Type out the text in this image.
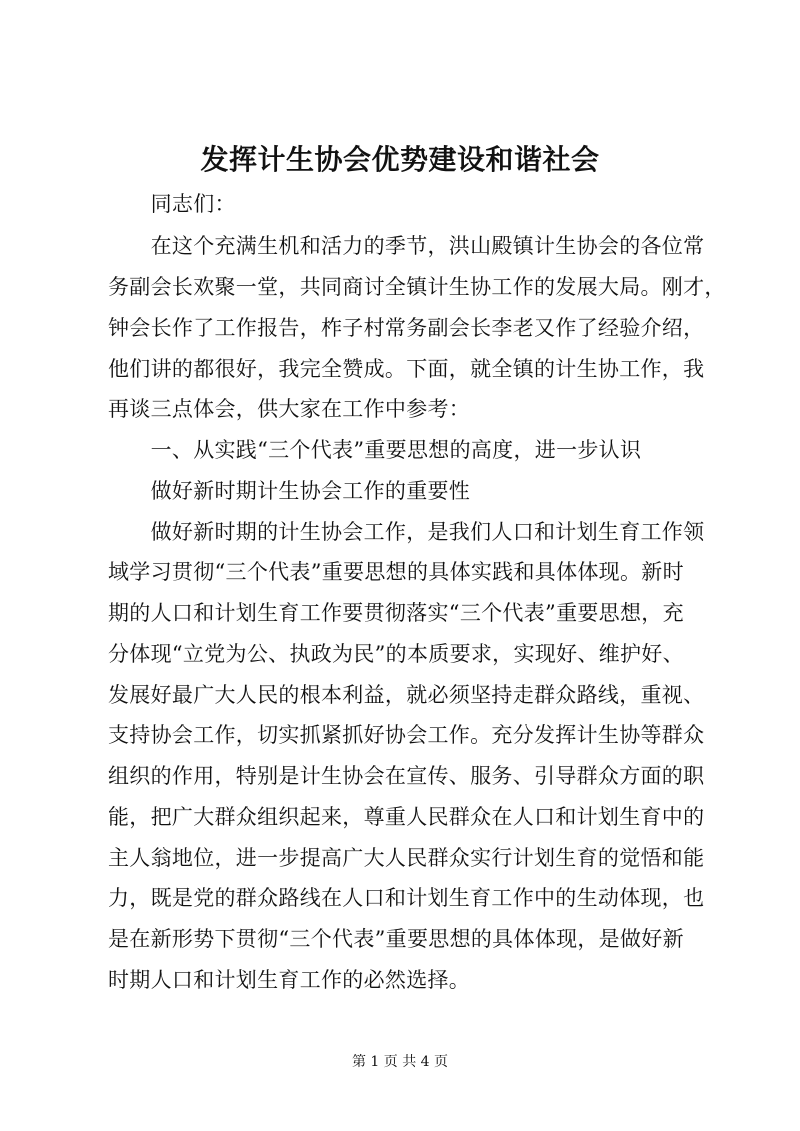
发挥计生协会优势建设和谐社会
　　同志们：
　　在这个充满生机和活力的季节，洪山殿镇计生协会的各位常
务副会长欢聚一堂，共同商讨全镇计生协工作的发展大局。刚才，
钟会长作了工作报告，柞子村常务副会长李老又作了经验介绍，
他们讲的都很好，我完全赞成。下面，就全镇的计生协工作，我
再谈三点体会，供大家在工作中参考：
　　一、从实践“三个代表”重要思想的高度，进一步认识
　　做好新时期计生协会工作的重要性
　　做好新时期的计生协会工作，是我们人口和计划生育工作领
域学习贯彻“三个代表”重要思想的具体实践和具体体现。新时
期的人口和计划生育工作要贯彻落实“三个代表”重要思想，充
分体现“立党为公、执政为民”的本质要求，实现好、维护好、
发展好最广大人民的根本利益，就必须坚持走群众路线，重视、
支持协会工作，切实抓紧抓好协会工作。充分发挥计生协等群众
组织的作用，特别是计生协会在宣传、服务、引导群众方面的职
能，把广大群众组织起来，尊重人民群众在人口和计划生育中的
主人翁地位，进一步提高广大人民群众实行计划生育的觉悟和能
力，既是党的群众路线在人口和计划生育工作中的生动体现，也
是在新形势下贯彻“三个代表”重要思想的具体体现，是做好新
时期人口和计划生育工作的必然选择。
第 1 页 共 4 页
